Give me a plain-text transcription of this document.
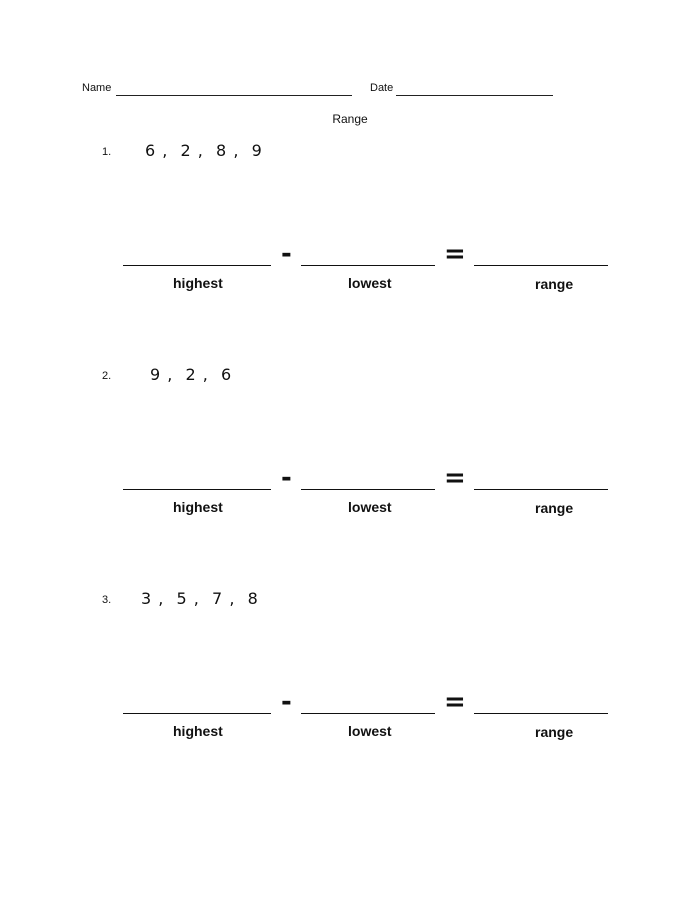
Name	Date
Range
1. 6 ,  2 ,  8 ,  9
-	=
highest	lowest	range
2. 9 ,  2 ,  6
-	=
highest	lowest	range
3. 3 ,  5 ,  7 ,  8
-	=
highest	lowest	range
